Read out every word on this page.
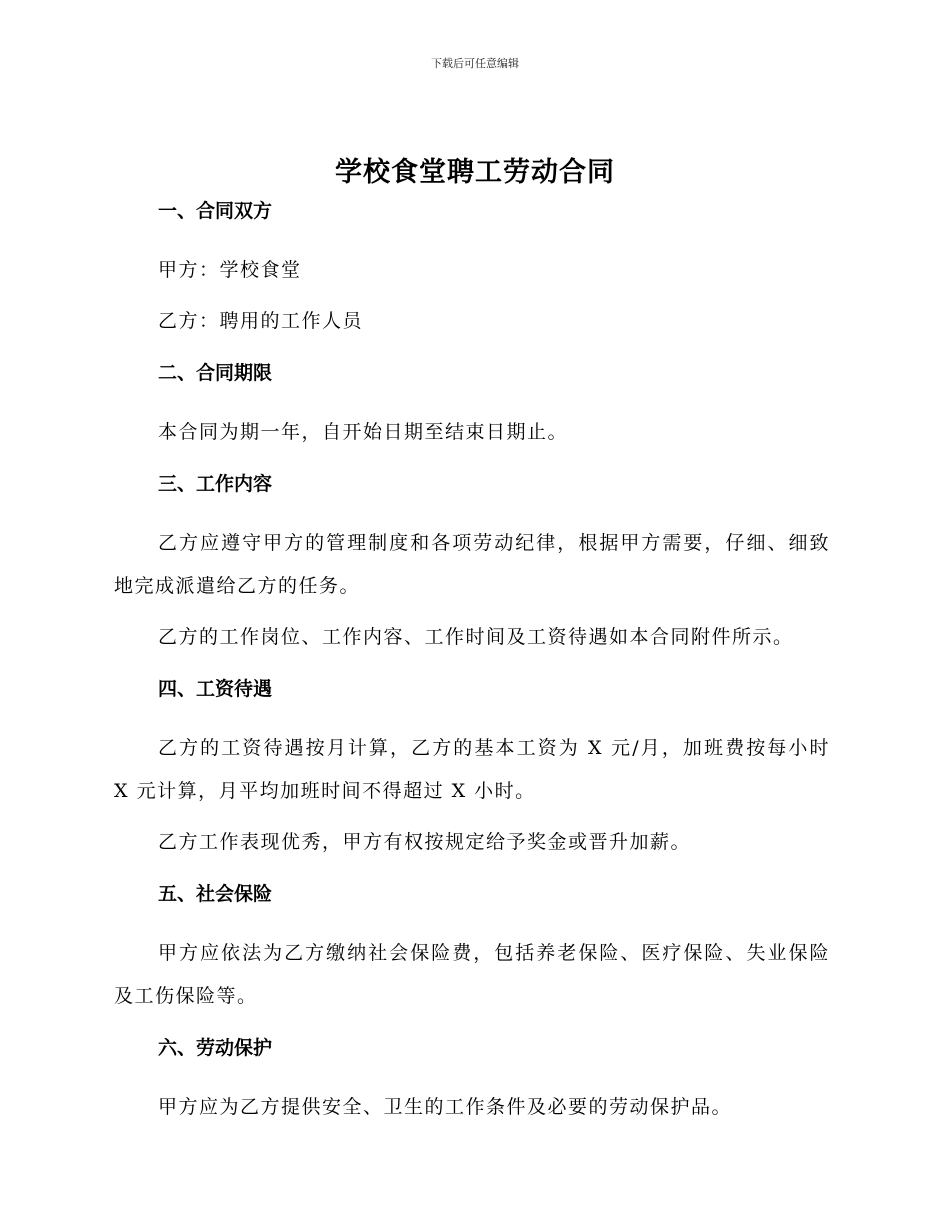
下载后可任意编辑
学校食堂聘工劳动合同
一、合同双方
甲方：学校食堂
乙方：聘用的工作人员
二、合同期限
本合同为期一年，自开始日期至结束日期止。
三、工作内容
乙方应遵守甲方的管理制度和各项劳动纪律，根据甲方需要，仔细、细致地完成派遣给乙方的任务。
乙方的工作岗位、工作内容、工作时间及工资待遇如本合同附件所示。
四、工资待遇
乙方的工资待遇按月计算，乙方的基本工资为 X 元/月，加班费按每小时 X 元计算，月平均加班时间不得超过 X 小时。
乙方工作表现优秀，甲方有权按规定给予奖金或晋升加薪。
五、社会保险
甲方应依法为乙方缴纳社会保险费，包括养老保险、医疗保险、失业保险及工伤保险等。
六、劳动保护
甲方应为乙方提供安全、卫生的工作条件及必要的劳动保护品。
